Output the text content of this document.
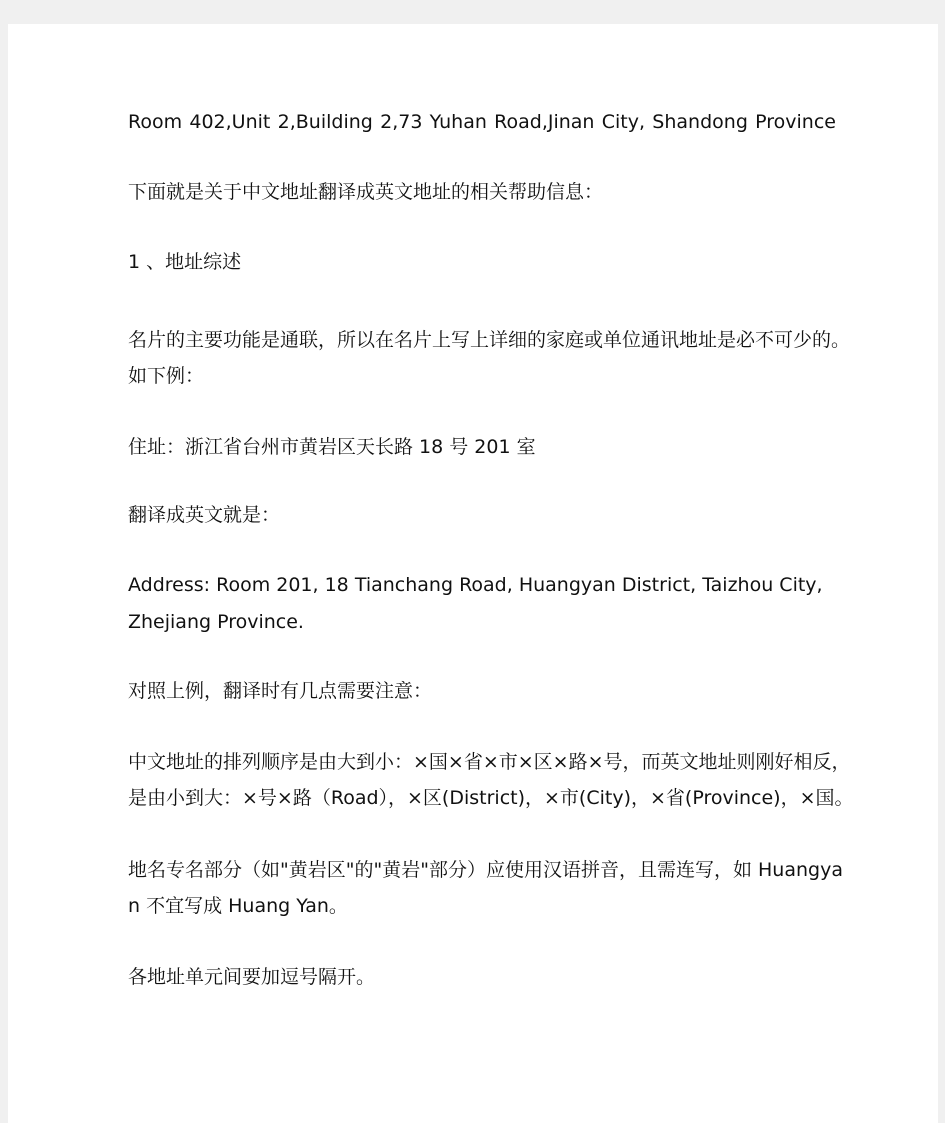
Room 402,Unit 2,Building 2,73 Yuhan Road,Jinan City, Shandong Province
下面就是关于中文地址翻译成英文地址的相关帮助信息：
1 、地址综述
名片的主要功能是通联，所以在名片上写上详细的家庭或单位通讯地址是必不可少的。
如下例：
住址：浙江省台州市黄岩区天长路 18 号 201 室
翻译成英文就是：
Address: Room 201, 18 Tianchang Road, Huangyan District, Taizhou City,
Zhejiang Province.
对照上例，翻译时有几点需要注意：
中文地址的排列顺序是由大到小：×国×省×市×区×路×号，而英文地址则刚好相反，
是由小到大：×号×路（Road），×区(District)，×市(City)，×省(Province)，×国。
地名专名部分（如"黄岩区"的"黄岩"部分）应使用汉语拼音，且需连写，如 Huangya
n 不宜写成 Huang Yan。
各地址单元间要加逗号隔开。
